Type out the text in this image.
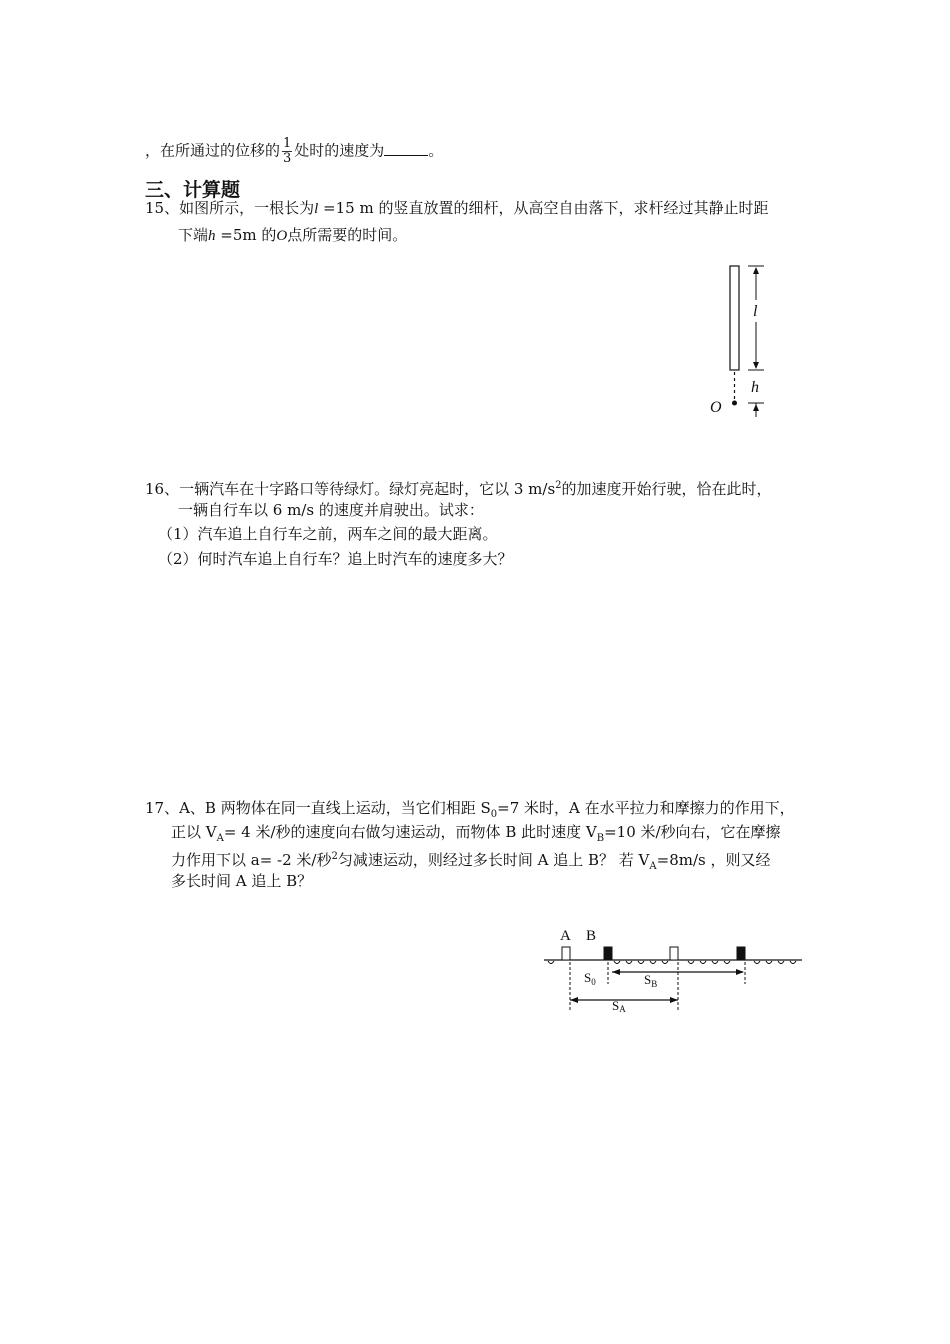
，在所通过的位移的 $\frac{1}{3}$ 处时的速度为	。
三、计算题
15、如图所示，一根长为l =15 m 的竖直放置的细杆，从高空自由落下，求杆经过其静止时距
下端h =5m 的O点所需要的时间。
l
h
O
16、一辆汽车在十字路口等待绿灯。绿灯亮起时，它以 3 $m/s^2$的加速度开始行驶，恰在此时，
一辆自行车以 6 m/s 的速度并肩驶出。试求：
（1）汽车追上自行车之前，两车之间的最大距离。
（2）何时汽车追上自行车？追上时汽车的速度多大？
17、A、B 两物体在同一直线上运动，当它们相距 $S_0=7$ 米时，A 在水平拉力和摩擦力的作用下，
正以 $V_A= 4$ 米/秒的速度向右做匀速运动，而物体 B 此时速度 $V_B=10$ 米/秒向右，它在摩擦
力作用下以 a= -2 米/秒$^2$匀减速运动，则经过多长时间 A 追上 B？ 若 $V_A=8m/s$ ，则又经
多长时间 A 追上 B？
A B
$S_0$	$S_B$
SA
